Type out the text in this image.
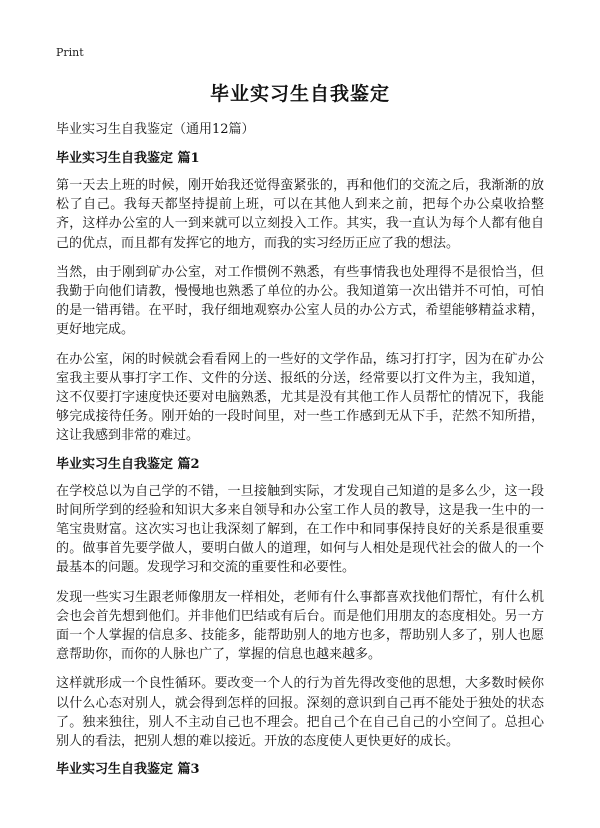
Print
毕业实习生自我鉴定

毕业实习生自我鉴定（通用12篇）

毕业实习生自我鉴定 篇1

第一天去上班的时候，刚开始我还觉得蛮紧张的，再和他们的交流之后，我渐渐的放松了自己。我每天都坚持提前上班，可以在其他人到来之前，把每个办公桌收拾整齐，这样办公室的人一到来就可以立刻投入工作。其实，我一直认为每个人都有他自己的优点，而且都有发挥它的地方，而我的实习经历正应了我的想法。

当然，由于刚到矿办公室，对工作惯例不熟悉，有些事情我也处理得不是很恰当，但我勤于向他们请教，慢慢地也熟悉了单位的办公。我知道第一次出错并不可怕，可怕的是一错再错。在平时，我仔细地观察办公室人员的办公方式，希望能够精益求精，更好地完成。

在办公室，闲的时候就会看看网上的一些好的文学作品，练习打打字，因为在矿办公室我主要从事打字工作、文件的分送、报纸的分送，经常要以打文件为主，我知道，这不仅要打字速度快还要对电脑熟悉，尤其是没有其他工作人员帮忙的情况下，我能够完成接待任务。刚开始的一段时间里，对一些工作感到无从下手，茫然不知所措，这让我感到非常的难过。

毕业实习生自我鉴定 篇2

在学校总以为自己学的不错，一旦接触到实际，才发现自己知道的是多么少，这一段时间所学到的经验和知识大多来自领导和办公室工作人员的教导，这是我一生中的一笔宝贵财富。这次实习也让我深刻了解到，在工作中和同事保持良好的关系是很重要的。做事首先要学做人，要明白做人的道理，如何与人相处是现代社会的做人的一个最基本的问题。发现学习和交流的重要性和必要性。

发现一些实习生跟老师像朋友一样相处，老师有什么事都喜欢找他们帮忙，有什么机会也会首先想到他们。并非他们巴结或有后台。而是他们用朋友的态度相处。另一方面一个人掌握的信息多、技能多，能帮助别人的地方也多，帮助别人多了，别人也愿意帮助你，而你的人脉也广了，掌握的信息也越来越多。

这样就形成一个良性循环。要改变一个人的行为首先得改变他的思想，大多数时候你以什么心态对别人，就会得到怎样的回报。深刻的意识到自己再不能处于独处的状态了。独来独往，别人不主动自己也不理会。把自己个在自己自己的小空间了。总担心别人的看法，把别人想的难以接近。开放的态度使人更快更好的成长。

毕业实习生自我鉴定 篇3
